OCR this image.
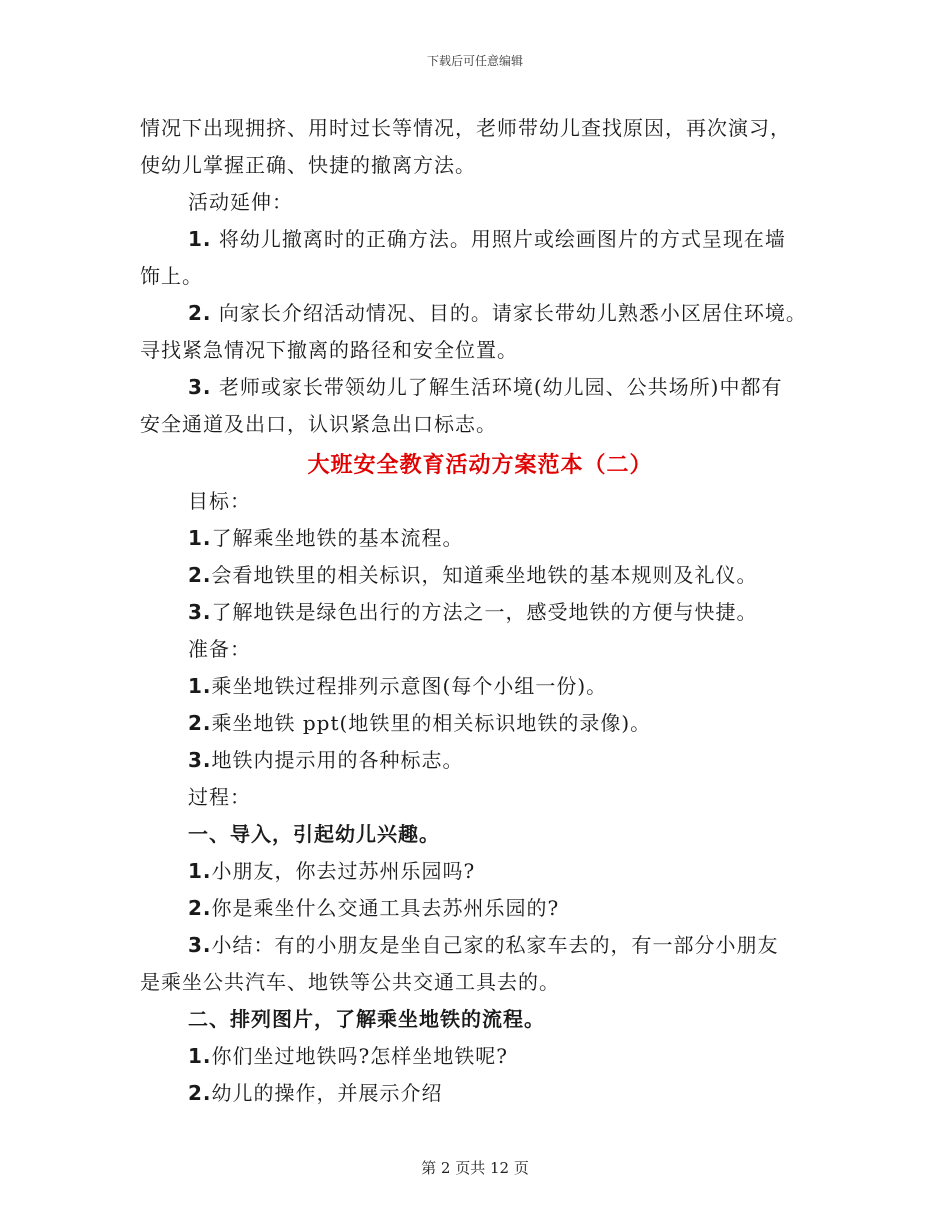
下载后可任意编辑

情况下出现拥挤、用时过长等情况，老师带幼儿查找原因，再次演习，

使幼儿掌握正确、快捷的撤离方法。

活动延伸：

1. 将幼儿撤离时的正确方法。用照片或绘画图片的方式呈现在墙

饰上。

2. 向家长介绍活动情况、目的。请家长带幼儿熟悉小区居住环境。

寻找紧急情况下撤离的路径和安全位置。

3. 老师或家长带领幼儿了解生活环境(幼儿园、公共场所)中都有

安全通道及出口，认识紧急出口标志。

大班安全教育活动方案范本（二）

目标：

1.了解乘坐地铁的基本流程。

2.会看地铁里的相关标识，知道乘坐地铁的基本规则及礼仪。

3.了解地铁是绿色出行的方法之一，感受地铁的方便与快捷。

准备：

1.乘坐地铁过程排列示意图(每个小组一份)。

2.乘坐地铁 ppt(地铁里的相关标识地铁的录像)。

3.地铁内提示用的各种标志。

过程：

一、导入，引起幼儿兴趣。

1.小朋友，你去过苏州乐园吗?

2.你是乘坐什么交通工具去苏州乐园的?

3.小结：有的小朋友是坐自己家的私家车去的，有一部分小朋友

是乘坐公共汽车、地铁等公共交通工具去的。

二、排列图片，了解乘坐地铁的流程。

1.你们坐过地铁吗?怎样坐地铁呢?

2.幼儿的操作，并展示介绍

第 2 页共 12 页
